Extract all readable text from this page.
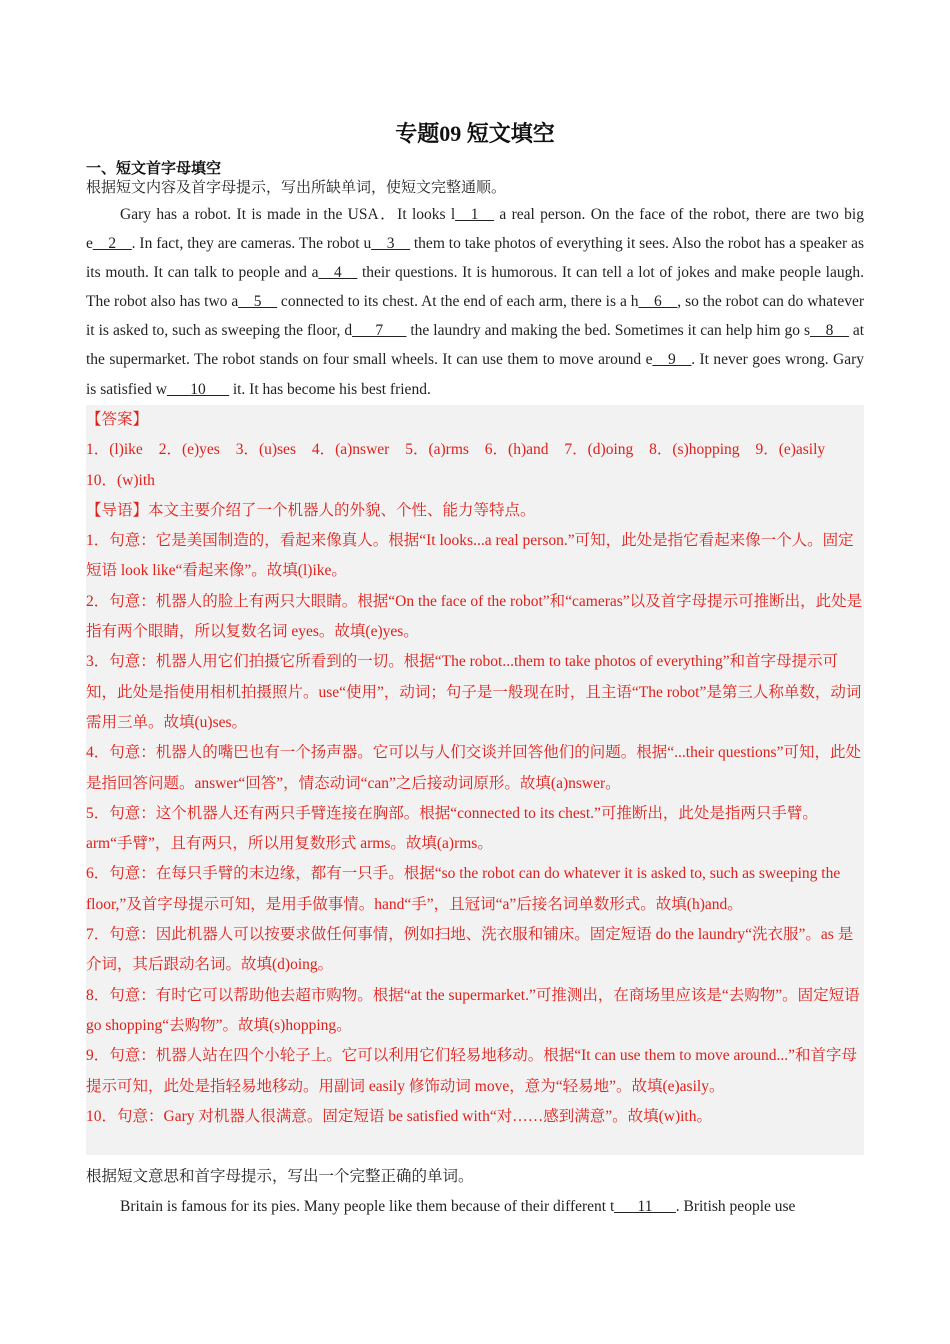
专题09 短文填空
一、短文首字母填空
根据短文内容及首字母提示，写出所缺单词，使短文完整通顺。

Gary has a robot. It is made in the USA．It looks l__1__ a real person. On the face of the robot, there are two big e__2__. In fact, they are cameras. The robot u__3__ them to take photos of everything it sees. Also the robot has a speaker as its mouth. It can talk to people and a__4__ their questions. It is humorous. It can tell a lot of jokes and make people laugh. The robot also has two a__5__ connected to its chest. At the end of each arm, there is a h__6__, so the robot can do whatever it is asked to, such as sweeping the floor, d___7___ the laundry and making the bed. Sometimes it can help him go s__8__ at the supermarket. The robot stands on four small wheels. It can use them to move around e__9__. It never goes wrong. Gary is satisfied w___10___ it. It has become his best friend.

【答案】

1．(l)ike 2．(e)yes 3．(u)ses 4．(a)nswer 5．(a)rms 6．(h)and 7．(d)oing 8．(s)hopping 9．(e)asily 10．(w)ith

【导语】本文主要介绍了一个机器人的外貌、个性、能力等特点。

1．句意：它是美国制造的，看起来像真人。根据“It looks...a real person.”可知，此处是指它看起来像一个人。固定短语 look like“看起来像”。故填(l)ike。

2．句意：机器人的脸上有两只大眼睛。根据“On the face of the robot”和“cameras”以及首字母提示可推断出，此处是指有两个眼睛，所以复数名词 eyes。故填(e)yes。

3．句意：机器人用它们拍摄它所看到的一切。根据“The robot...them to take photos of everything”和首字母提示可知，此处是指使用相机拍摄照片。use“使用”，动词；句子是一般现在时，且主语“The robot”是第三人称单数，动词需用三单。故填(u)ses。

4．句意：机器人的嘴巴也有一个扬声器。它可以与人们交谈并回答他们的问题。根据“...their questions”可知，此处是指回答问题。answer“回答”，情态动词“can”之后接动词原形。故填(a)nswer。

5．句意：这个机器人还有两只手臂连接在胸部。根据“connected to its chest.”可推断出，此处是指两只手臂。arm“手臂”，且有两只，所以用复数形式 arms。故填(a)rms。

6．句意：在每只手臂的末边缘，都有一只手。根据“so the robot can do whatever it is asked to, such as sweeping the floor,”及首字母提示可知，是用手做事情。hand“手”，且冠词“a”后接名词单数形式。故填(h)and。

7．句意：因此机器人可以按要求做任何事情，例如扫地、洗衣服和铺床。固定短语 do the laundry“洗衣服”。as 是介词，其后跟动名词。故填(d)oing。

8．句意：有时它可以帮助他去超市购物。根据“at the supermarket.”可推测出，在商场里应该是“去购物”。固定短语 go shopping“去购物”。故填(s)hopping。

9．句意：机器人站在四个小轮子上。它可以利用它们轻易地移动。根据“It can use them to move around...”和首字母提示可知，此处是指轻易地移动。用副词 easily 修饰动词 move，意为“轻易地”。故填(e)asily。

10．句意：Gary 对机器人很满意。固定短语 be satisfied with“对……感到满意”。故填(w)ith。

根据短文意思和首字母提示，写出一个完整正确的单词。

Britain is famous for its pies. Many people like them because of their different t___11___. British people use
